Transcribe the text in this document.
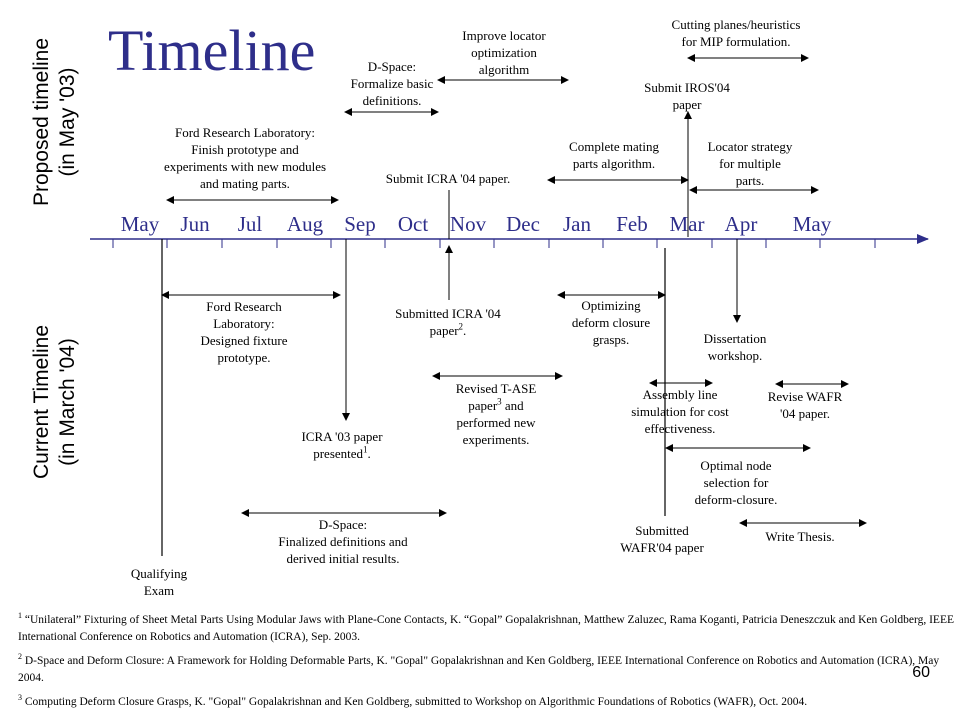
Timeline
Proposed timeline (in May '03)
Current Timeline (in March '04)
May Jun Jul Aug Sep Oct Nov Dec Jan Feb Mar Apr May
Cutting planes/heuristics
for MIP formulation.
Improve locator
optimization
algorithm
D-Space:
Formalize basic
definitions.
Submit IROS'04
paper
Ford Research Laboratory:
Finish prototype and
experiments with new modules
and mating parts.
Complete mating
parts algorithm.
Locator strategy
for multiple
parts.
Submit ICRA '04 paper.
Ford Research
Laboratory:
Designed fixture
prototype.
Submitted ICRA '04
paper$^2$.
Optimizing
deform closure
grasps.	Dissertation
workshop.
Revised T-ASE
paper$^3$ and
performed new
experiments.
Assembly line
simulation for cost
effectiveness.
Revise WAFR
'04 paper.
ICRA '03 paper
presented$^1$.
Optimal node
selection for
deform-closure.
D-Space:
Finalized definitions and
derived initial results.
Submitted
WAFR'04 paper
Write Thesis.
Qualifying
Exam
60
$^1$ “Unilateral” Fixturing of Sheet Metal Parts Using Modular Jaws with Plane-Cone Contacts, K. “Gopal” Gopalakrishnan, Matthew Zaluzec, Rama Koganti, Patricia Deneszczuk and Ken Goldberg, IEEE International Conference on Robotics and Automation (ICRA), Sep. 2003.
$^2$ D-Space and Deform Closure: A Framework for Holding Deformable Parts, K. "Gopal" Gopalakrishnan and Ken Goldberg, IEEE International Conference on Robotics and Automation (ICRA), May 2004.
$^3$ Computing Deform Closure Grasps, K. "Gopal" Gopalakrishnan and Ken Goldberg, submitted to Workshop on Algorithmic Foundations of Robotics (WAFR), Oct. 2004.
